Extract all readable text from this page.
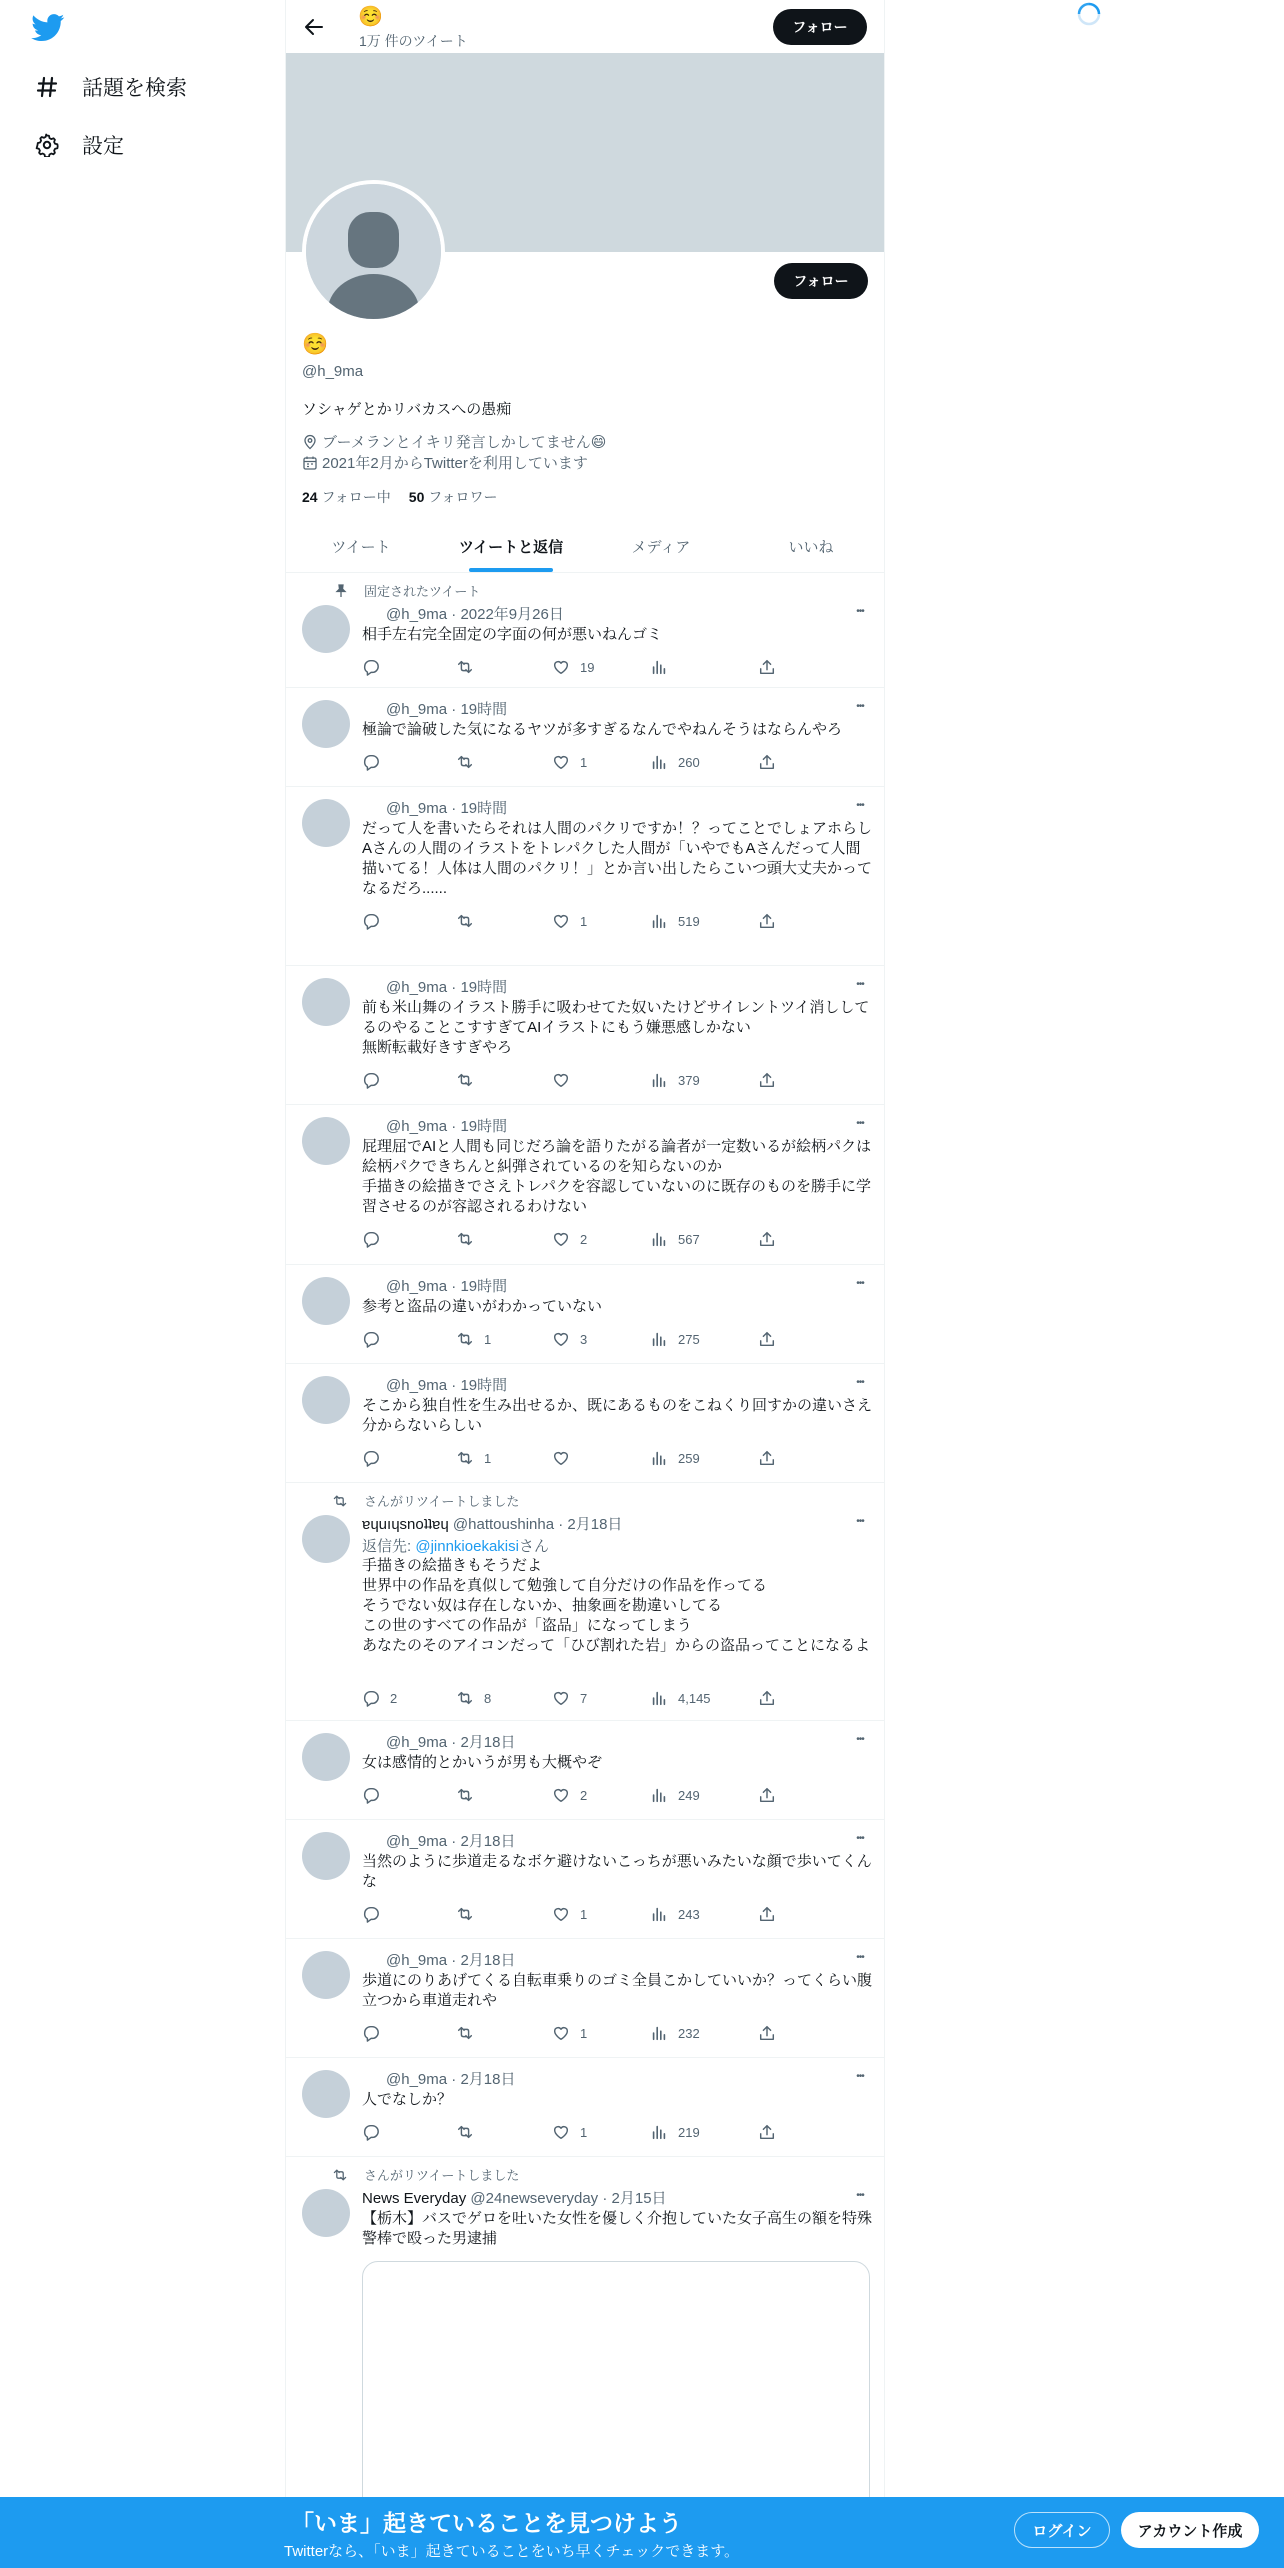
話題を検索
設定
☺️
1万 件のツイート
フォロー
フォロー
☺️
@h_9ma
ソシャゲとかリバカスへの愚痴
ブーメランとイキリ発言しかしてません😄
2021年2月からTwitterを利用しています
24 フォロー中 50 フォロワー
ツイート	ツイートと返信	メディア	いいね
固定されたツイート
@h_9ma · 2022年9月26日	•••
相手左右完全固定の字面の何が悪いねんゴミ
19
@h_9ma · 19時間	•••
極論で論破した気になるヤツが多すぎるなんでやねんそうはならんやろ
1	260
@h_9ma · 19時間	•••
だって人を書いたらそれは人間のパクリですか！？ってことでしょアホらし
Aさんの人間のイラストをトレパクした人間が「いやでもAさんだって人間描いてる！人体は人間のパクリ！」とか言い出したらこいつ頭大丈夫かってなるだろ......
1	519
@h_9ma · 19時間	•••
前も米山舞のイラスト勝手に吸わせてた奴いたけどサイレントツイ消ししてるのやることこすすぎてAIイラストにもう嫌悪感しかない
無断転載好きすぎやろ
379
@h_9ma · 19時間	•••
屁理屈でAIと人間も同じだろ論を語りたがる論者が一定数いるが絵柄パクは絵柄パクできちんと糾弾されているのを知らないのか
手描きの絵描きでさえトレパクを容認していないのに既存のものを勝手に学習させるのが容認されるわけない
2	567
@h_9ma · 19時間	•••
参考と盗品の違いがわかっていない
1	3	275
@h_9ma · 19時間	•••
そこから独自性を生み出せるか、既にあるものをこねくり回すかの違いさえ分からないらしい
1	259
さんがリツイートしました
ɐɥuıɥsnoʇʇɐɥ @hattoushinha · 2月18日	•••
返信先: @jinnkioekakisiさん
手描きの絵描きもそうだよ
世界中の作品を真似して勉強して自分だけの作品を作ってる
そうでない奴は存在しないか、抽象画を勘違いしてる
この世のすべての作品が「盗品」になってしまう
あなたのそのアイコンだって「ひび割れた岩」からの盗品ってことになるよ
2	8	7	4,145
@h_9ma · 2月18日	•••
女は感情的とかいうが男も大概やぞ
2	249
@h_9ma · 2月18日	•••
当然のように歩道走るなボケ避けないこっちが悪いみたいな顔で歩いてくんな
1	243
@h_9ma · 2月18日	•••
歩道にのりあげてくる自転車乗りのゴミ全員こかしていいか？ってくらい腹立つから車道走れや
1	232
@h_9ma · 2月18日	•••
人でなしか？
1	219
さんがリツイートしました
News Everyday @24newseveryday · 2月15日	•••
【栃木】バスでゲロを吐いた女性を優しく介抱していた女子高生の額を特殊警棒で殴った男逮捕
「いま」起きていることを見つけよう
Twitterなら、「いま」起きていることをいち早くチェックできます。
ログイン	アカウント作成
